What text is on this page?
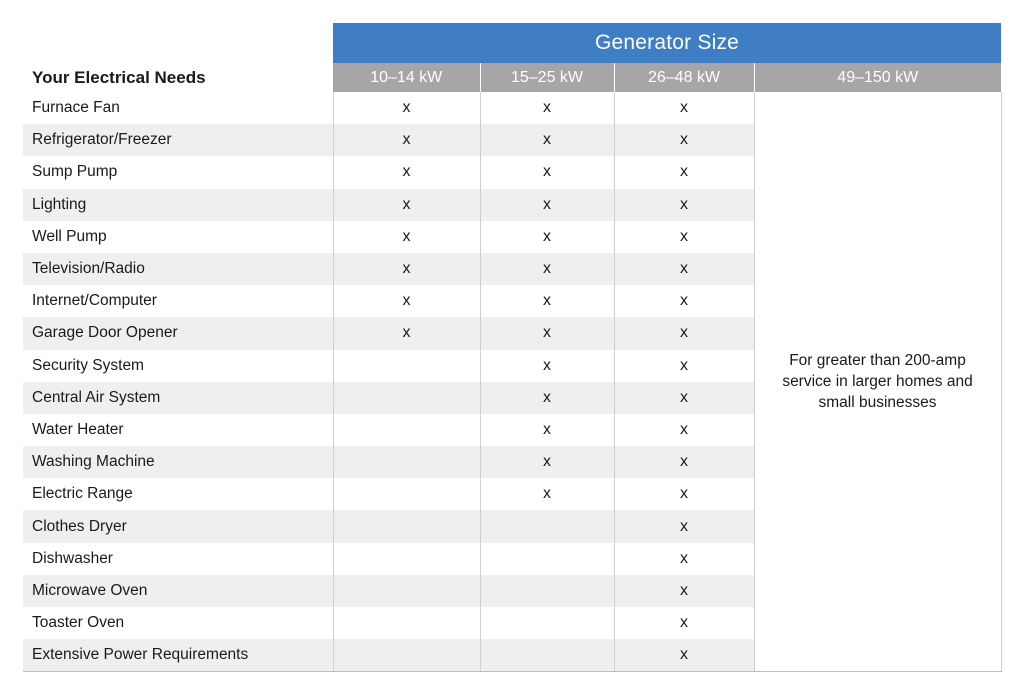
	Generator Size			
Your Electrical Needs	10–14 kW	15–25 kW	26–48 kW	49–150 kW
Furnace Fan	x	x	x	For greater than 200-amp service in larger homes and small businesses
Refrigerator/Freezer	x	x	x	
Sump Pump	x	x	x	
Lighting	x	x	x	
Well Pump	x	x	x	
Television/Radio	x	x	x	
Internet/Computer	x	x	x	
Garage Door Opener	x	x	x	
Security System		x	x	
Central Air System		x	x	
Water Heater		x	x	
Washing Machine		x	x	
Electric Range		x	x	
Clothes Dryer			x	
Dishwasher			x	
Microwave Oven			x	
Toaster Oven			x	
Extensive Power Requirements			x	
